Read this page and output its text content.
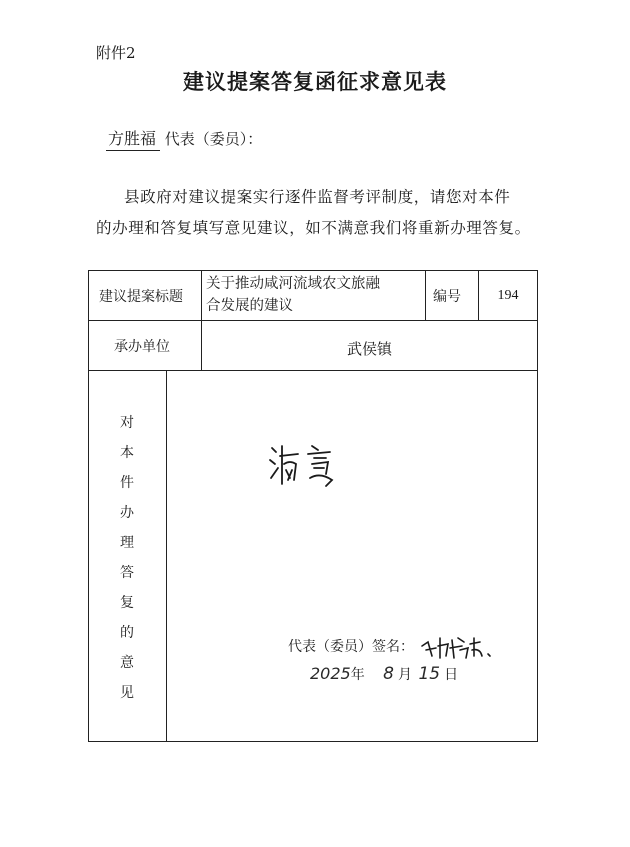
附件2
建议提案答复函征求意见表
方胜福 代表（委员）：
县政府对建议提案实行逐件监督考评制度，请您对本件
的办理和答复填写意见建议，如不满意我们将重新办理答复。
建议提案标题
关于推动咸河流域农文旅融
合发展的建议
编号	194
承办单位	武侯镇
对
本
件
办
理
答
复
的
意
见
代表（委员）签名：
2025年 8 月 15 日
